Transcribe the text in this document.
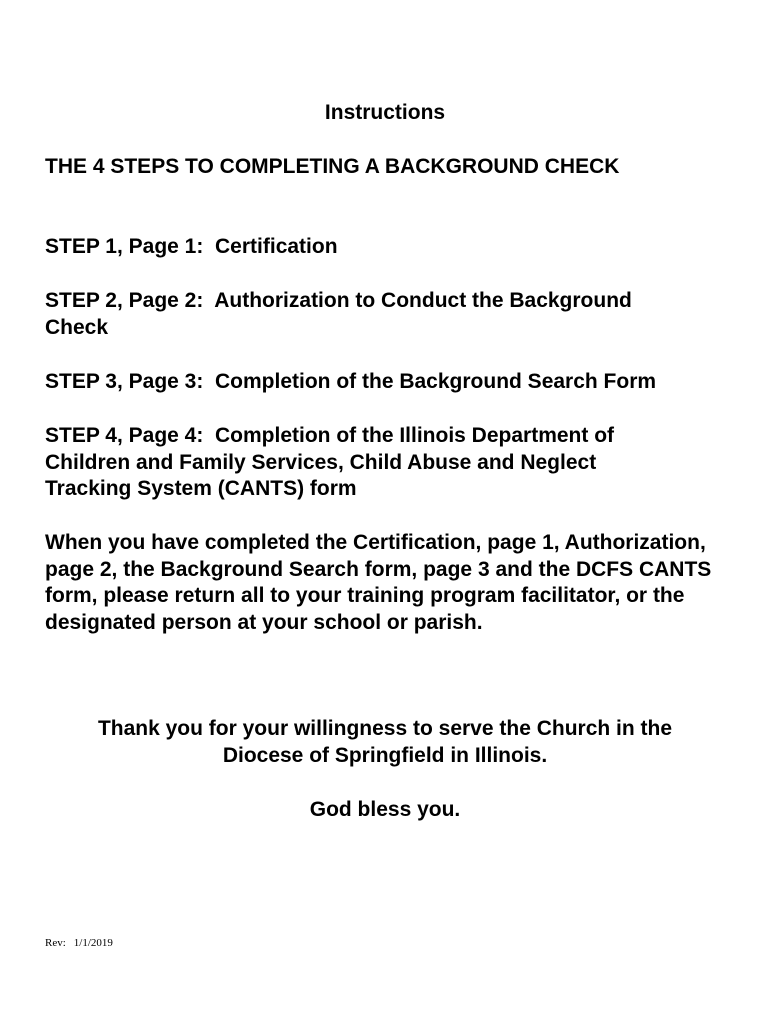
Instructions

THE 4 STEPS TO COMPLETING A BACKGROUND CHECK

STEP 1, Page 1:  Certification

STEP 2, Page 2:  Authorization to Conduct the Background Check

STEP 3, Page 3:  Completion of the Background Search Form

STEP 4, Page 4:  Completion of the Illinois Department of Children and Family Services, Child Abuse and Neglect Tracking System (CANTS) form

When you have completed the Certification, page 1, Authorization, page 2, the Background Search form, page 3 and the DCFS CANTS form, please return all to your training program facilitator, or the designated person at your school or parish.

Thank you for your willingness to serve the Church in the Diocese of Springfield in Illinois.

God bless you.

Rev: 1/1/2019
